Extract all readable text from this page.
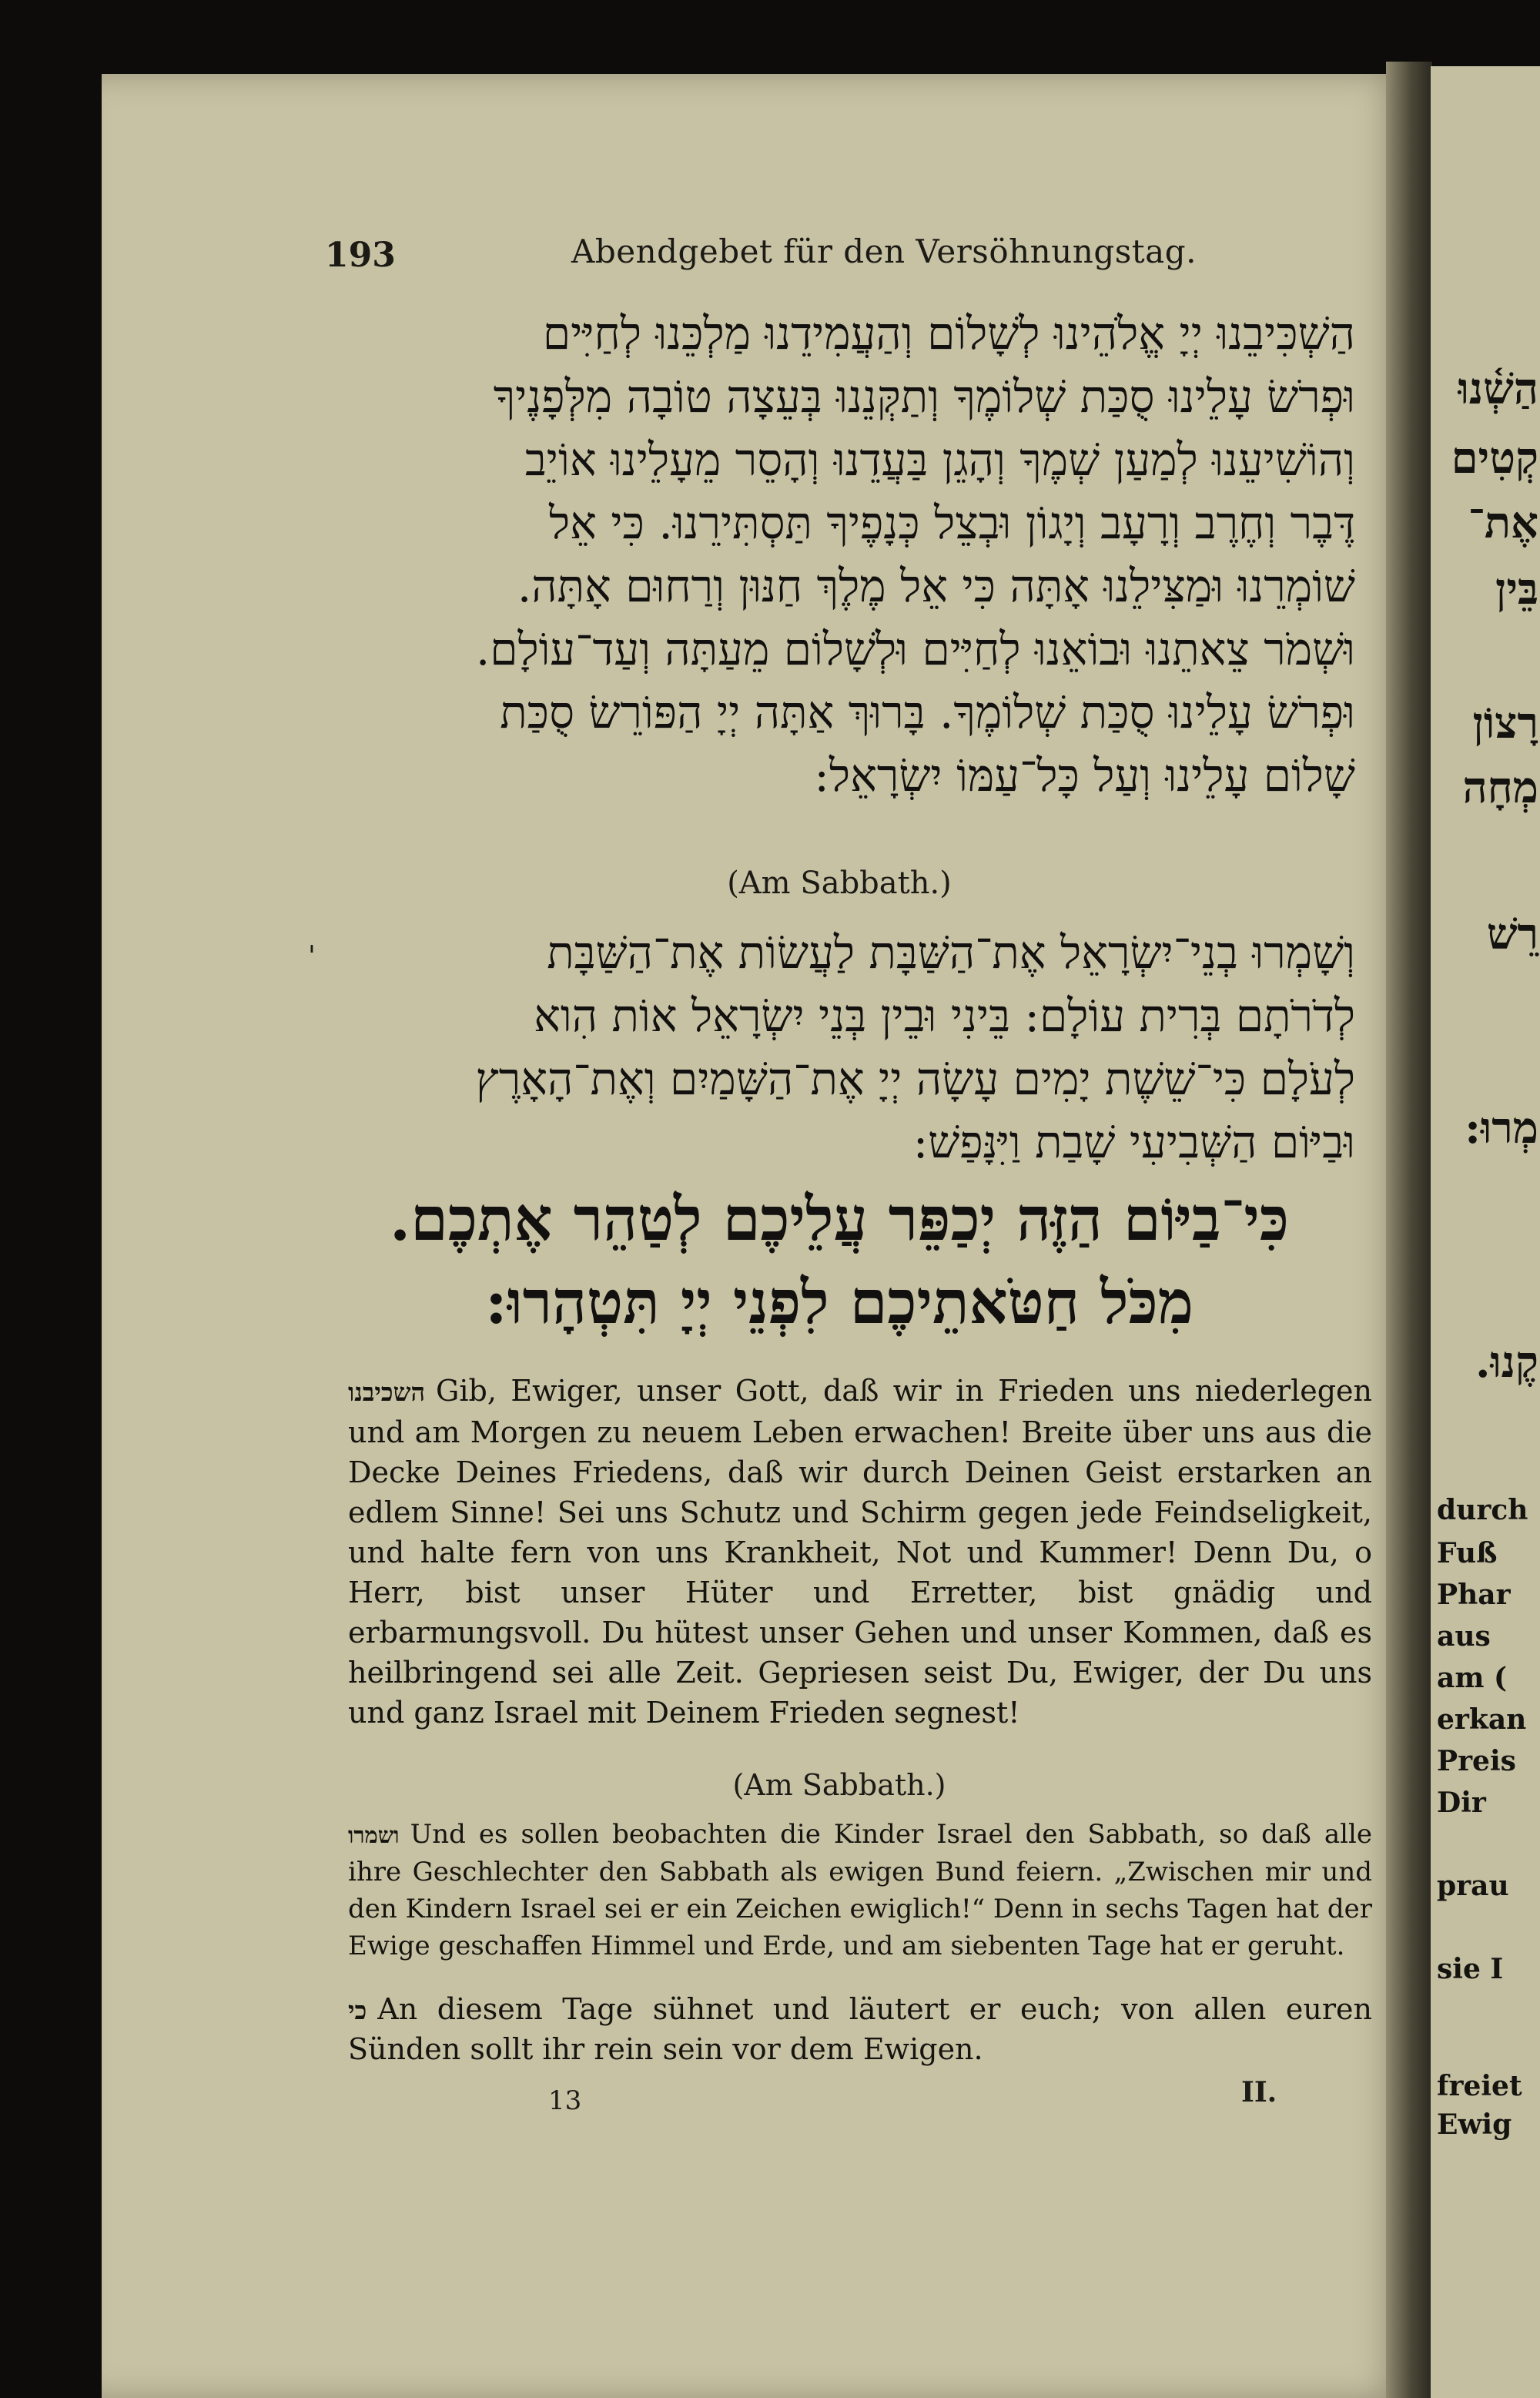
הַשְׁ֫נוּ
קְטִים
אֶת־
בֵּין
רָצוֹן
מְחָה
רֵשׁ
מְרוּ:
קֶנוּ.
durch
Fuß
Phar
aus
am (
erkan
Preis
Dir
prau
sie I
freiet
Ewig
193	Abendgebet für den Versöhnungstag.
הַשְׁכִּיבֵנוּ יְיָ אֱלֹהֵינוּ לְשָׁלוֹם וְהַעֲמִידֵנוּ מַלְכֵּנוּ לְחַיִּים
וּפְרֹשׂ עָלֵינוּ סֻכַּת שְׁלוֹמֶךָ וְתַקְּנֵנוּ בְּעֵצָה טוֹבָה מִלְּפָנֶיךָ
וְהוֹשִׁיעֵנוּ לְמַעַן שְׁמֶךָ וְהָגֵן בַּעֲדֵנוּ וְהָסֵר מֵעָלֵינוּ אוֹיֵב
דֶּבֶר וְחֶרֶב וְרָעָב וְיָגוֹן וּבְצֵל כְּנָפֶיךָ תַּסְתִּירֵנוּ. כִּי אֵל
שׁוֹמְרֵנוּ וּמַצִּילֵנוּ אָתָּה כִּי אֵל מֶלֶךְ חַנּוּן וְרַחוּם אָתָּה.
וּשְׁמֹר צֵאתֵנוּ וּבוֹאֵנוּ לְחַיִּים וּלְשָׁלוֹם מֵעַתָּה וְעַד־עוֹלָם.
וּפְרֹשׂ עָלֵינוּ סֻכַּת שְׁלוֹמֶךָ. בָּרוּךְ אַתָּה יְיָ הַפּוֹרֵשׂ סֻכַּת
שָׁלוֹם עָלֵינוּ וְעַל כָּל־עַמּוֹ יִשְׂרָאֵל:
(Am Sabbath.)
'	וְשָׁמְרוּ בְנֵי־יִשְׂרָאֵל אֶת־הַשַּׁבָּת לַעֲשׂוֹת אֶת־הַשַּׁבָּת
לְדֹרֹתָם בְּרִית עוֹלָם: בֵּינִי וּבֵין בְּנֵי יִשְׂרָאֵל אוֹת הִוא
לְעֹלָם כִּי־שֵׁשֶׁת יָמִים עָשָׂה יְיָ אֶת־הַשָּׁמַיִם וְאֶת־הָאָרֶץ
וּבַיּוֹם הַשְּׁבִיעִי שָׁבַת וַיִּנָּפַשׁ:
כִּי־בַיּוֹם הַזֶּה יְכַפֵּר עֲלֵיכֶם לְטַהֵר אֶתְכֶם.
מִכֹּל חַטֹּאתֵיכֶם לִפְנֵי יְיָ תִּטְהָרוּ:
השכיבנו Gib, Ewiger, unser Gott, daß wir in Frieden uns niederlegen und am Morgen zu neuem Leben erwachen! Breite über uns aus die Decke Deines Friedens, daß wir durch Deinen Geist erstarken an edlem Sinne! Sei uns Schutz und Schirm gegen jede Feindseligkeit, und halte fern von uns Krankheit, Not und Kummer! Denn Du, o Herr, bist unser Hüter und Erretter, bist gnädig und erbarmungsvoll. Du hütest unser Gehen und unser Kommen, daß es heilbringend sei alle Zeit. Gepriesen seist Du, Ewiger, der Du uns und ganz Israel mit Deinem Frieden segnest!
(Am Sabbath.)
ושמרו Und es sollen beobachten die Kinder Israel den Sabbath, so daß alle ihre Geschlechter den Sabbath als ewigen Bund feiern. „Zwischen mir und den Kindern Israel sei er ein Zeichen ewiglich!“ Denn in sechs Tagen hat der Ewige geschaffen Himmel und Erde, und am siebenten Tage hat er geruht.
כי An diesem Tage sühnet und läutert er euch; von allen euren Sünden sollt ihr rein sein vor dem Ewigen.
13	II.
